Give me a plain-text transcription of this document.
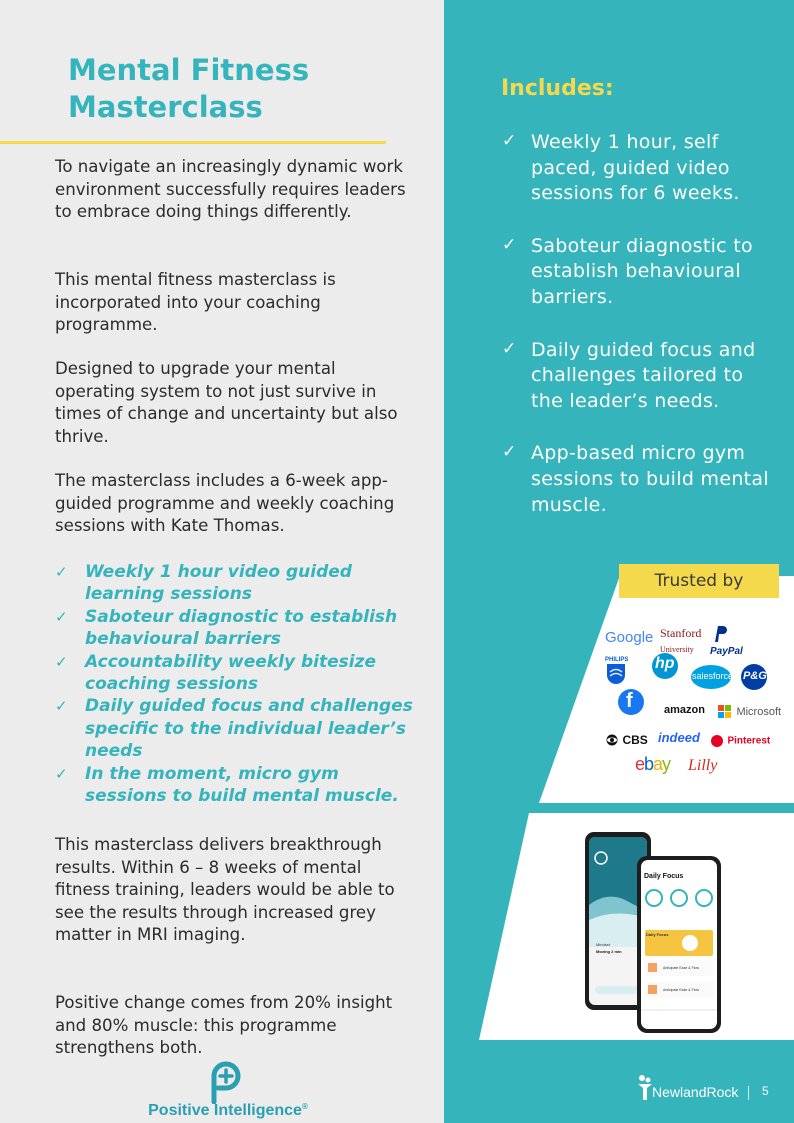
Mental Fitness Masterclass

To navigate an increasingly dynamic work environment successfully requires leaders to embrace doing things differently.

This mental fitness masterclass is incorporated into your coaching programme.

Designed to upgrade your mental operating system to not just survive in times of change and uncertainty but also thrive.

The masterclass includes a 6-week app-guided programme and weekly coaching sessions with Kate Thomas.

✓ Weekly 1 hour video guided learning sessions
✓ Saboteur diagnostic to establish behavioural barriers
✓ Accountability weekly bitesize coaching sessions
✓ Daily guided focus and challenges specific to the individual leader’s needs
✓ In the moment, micro gym sessions to build mental muscle.

This masterclass delivers breakthrough results. Within 6 – 8 weeks of mental fitness training, leaders would be able to see the results through increased grey matter in MRI imaging.

Positive change comes from 20% insight and 80% muscle: this programme strengthens both.

Positive Intelligence®
Includes:
✓ Weekly 1 hour, self paced, guided video sessions for 6 weeks.
✓ Saboteur diagnostic to establish behavioural barriers.
✓ Daily guided focus and challenges tailored to the leader’s needs.
✓ App-based micro gym sessions to build mental muscle.
Trusted by
Google Stanford
University	PayPal
PHILIPS hp
salesforce P&G
f	amazon	Microsoft
CBS indeed	Pinterest
ebay Lilly
Daily Focus
Mindset
Moving 2 min
Daily Focus
Anticipate Ease & Flow
Anticipate Ease & Flow
NewlandRock 5
